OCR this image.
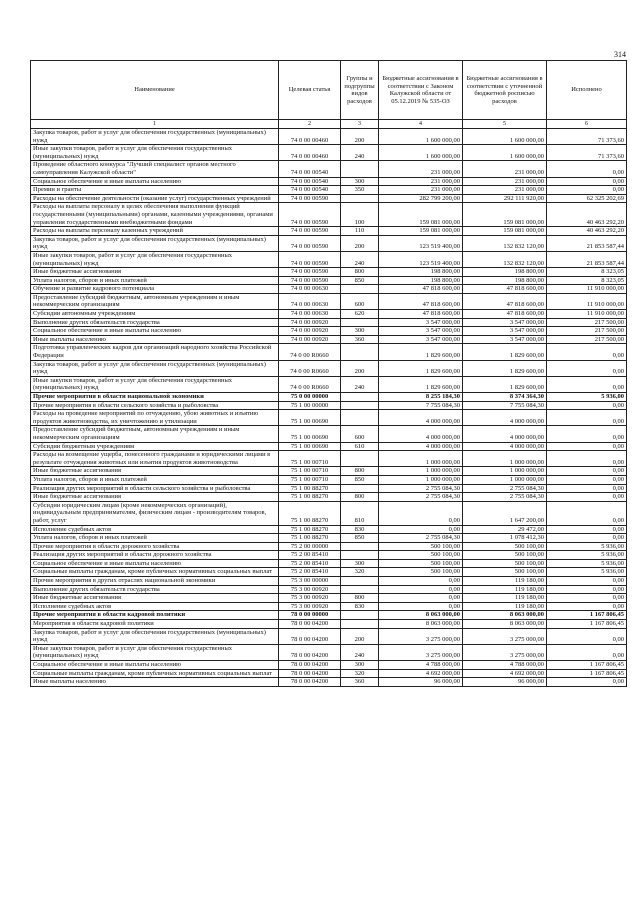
314
Наименование	Целевая статья	Группы и подгруппы видов расходов	Бюджетные ассигнования в соответствии с Законом Калужской области от 05.12.2019 № 535-ОЗ	Бюджетные ассигнования в соответствии с уточненной бюджетной росписью расходов	Исполнено
1	2	3	4	5	6
Закупка товаров, работ и услуг для обеспечения государственных (муниципальных) нужд	74 0 00 00460	200	1 600 000,00	1 600 000,00	71 373,60
Иные закупки товаров, работ и услуг для обеспечения государственных (муниципальных) нужд	74 0 00 00460	240	1 600 000,00	1 600 000,00	71 373,60
Проведение областного конкурса "Лучший специалист органов местного самоуправления Калужской области"	74 0 00 00540		231 000,00	231 000,00	0,00
Социальное обеспечение и иные выплаты населению	74 0 00 00540	300	231 000,00	231 000,00	0,00
Премии и гранты	74 0 00 00540	350	231 000,00	231 000,00	0,00
Расходы на обеспечение деятельности (оказание услуг) государственных учреждений	74 0 00 00590		282 799 200,00	292 111 920,00	62 325 202,69
Расходы на выплаты персоналу в целях обеспечения выполнения функций государственными (муниципальными) органами, казенными учреждениями, органами управления государственными внебюджетными фондами	74 0 00 00590	100	159 081 000,00	159 081 000,00	40 463 292,20
Расходы на выплаты персоналу казенных учреждений	74 0 00 00590	110	159 081 000,00	159 081 000,00	40 463 292,20
Закупка товаров, работ и услуг для обеспечения государственных (муниципальных) нужд	74 0 00 00590	200	123 519 400,00	132 832 120,00	21 853 587,44
Иные закупки товаров, работ и услуг для обеспечения государственных (муниципальных) нужд	74 0 00 00590	240	123 519 400,00	132 832 120,00	21 853 587,44
Иные бюджетные ассигнования	74 0 00 00590	800	198 800,00	198 800,00	8 323,05
Уплата налогов, сборов и иных платежей	74 0 00 00590	850	198 800,00	198 800,00	8 323,05
Обучение и развитие кадрового потенциала	74 0 00 00630		47 818 600,00	47 818 600,00	11 910 000,00
Предоставление субсидий бюджетным, автономным учреждениям и иным некоммерческим организациям	74 0 00 00630	600	47 818 600,00	47 818 600,00	11 910 000,00
Субсидии автономным учреждениям	74 0 00 00630	620	47 818 600,00	47 818 600,00	11 910 000,00
Выполнение других обязательств государства	74 0 00 00920		3 547 000,00	3 547 000,00	217 500,00
Социальное обеспечение и иные выплаты населению	74 0 00 00920	300	3 547 000,00	3 547 000,00	217 500,00
Иные выплаты населению	74 0 00 00920	360	3 547 000,00	3 547 000,00	217 500,00
Подготовка управленческих кадров для организаций народного хозяйства Российской Федерации	74 0 00 R0660		1 829 600,00	1 829 600,00	0,00
Закупка товаров, работ и услуг для обеспечения государственных (муниципальных) нужд	74 0 00 R0660	200	1 829 600,00	1 829 600,00	0,00
Иные закупки товаров, работ и услуг для обеспечения государственных (муниципальных) нужд	74 0 00 R0660	240	1 829 600,00	1 829 600,00	0,00
Прочие мероприятия в области национальной экономики	75 0 00 00000		8 255 184,30	8 374 364,30	5 936,00
Прочие мероприятия в области сельского хозяйства и рыболовства	75 1 00 00000		7 755 084,30	7 755 084,30	0,00
Расходы на проведение мероприятий по отчуждению, убою животных и изъятию продуктов животноводства, их уничтожению и утилизации	75 1 00 00690		4 000 000,00	4 000 000,00	0,00
Предоставление субсидий бюджетным, автономным учреждениям и иным некоммерческим организациям	75 1 00 00690	600	4 000 000,00	4 000 000,00	0,00
Субсидии бюджетным учреждениям	75 1 00 00690	610	4 000 000,00	4 000 000,00	0,00
Расходы на возмещение ущерба, понесенного гражданами и юридическими лицами в результате отчуждения животных или изъятия продуктов животноводства	75 1 00 00710		1 000 000,00	1 000 000,00	0,00
Иные бюджетные ассигнования	75 1 00 00710	800	1 000 000,00	1 000 000,00	0,00
Уплата налогов, сборов и иных платежей	75 1 00 00710	850	1 000 000,00	1 000 000,00	0,00
Реализация других мероприятий в области сельского хозяйства и рыболовства	75 1 00 88270		2 755 084,30	2 755 084,30	0,00
Иные бюджетные ассигнования	75 1 00 88270	800	2 755 084,30	2 755 084,30	0,00
Субсидии юридическим лицам (кроме некоммерческих организаций), индивидуальным предпринимателям, физическим лицам - производителям товаров, работ, услуг	75 1 00 88270	810	0,00	1 647 200,00	0,00
Исполнение судебных актов	75 1 00 88270	830	0,00	29 472,00	0,00
Уплата налогов, сборов и иных платежей	75 1 00 88270	850	2 755 084,30	1 078 412,30	0,00
Прочие мероприятия в области дорожного хозяйства	75 2 00 00000		500 100,00	500 100,00	5 936,00
Реализация других мероприятий в области дорожного хозяйства	75 2 00 85410		500 100,00	500 100,00	5 936,00
Социальное обеспечение и иные выплаты населению	75 2 00 85410	300	500 100,00	500 100,00	5 936,00
Социальные выплаты гражданам, кроме публичных нормативных социальных выплат	75 2 00 85410	320	500 100,00	500 100,00	5 936,00
Прочие мероприятия в других отраслях национальной экономики	75 3 00 00000		0,00	119 180,00	0,00
Выполнение других обязательств государства	75 3 00 00920		0,00	119 180,00	0,00
Иные бюджетные ассигнования	75 3 00 00920	800	0,00	119 180,00	0,00
Исполнение судебных актов	75 3 00 00920	830	0,00	119 180,00	0,00
Прочие мероприятия в области кадровой политики	78 0 00 00000		8 063 000,00	8 063 000,00	1 167 806,45
Мероприятия в области кадровой политики	78 0 00 04200		8 063 000,00	8 063 000,00	1 167 806,45
Закупка товаров, работ и услуг для обеспечения государственных (муниципальных) нужд	78 0 00 04200	200	3 275 000,00	3 275 000,00	0,00
Иные закупки товаров, работ и услуг для обеспечения государственных (муниципальных) нужд	78 0 00 04200	240	3 275 000,00	3 275 000,00	0,00
Социальное обеспечение и иные выплаты населению	78 0 00 04200	300	4 788 000,00	4 788 000,00	1 167 806,45
Социальные выплаты гражданам, кроме публичных нормативных социальных выплат	78 0 00 04200	320	4 692 000,00	4 692 000,00	1 167 806,45
Иные выплаты населению	78 0 00 04200	360	96 000,00	96 000,00	0,00
